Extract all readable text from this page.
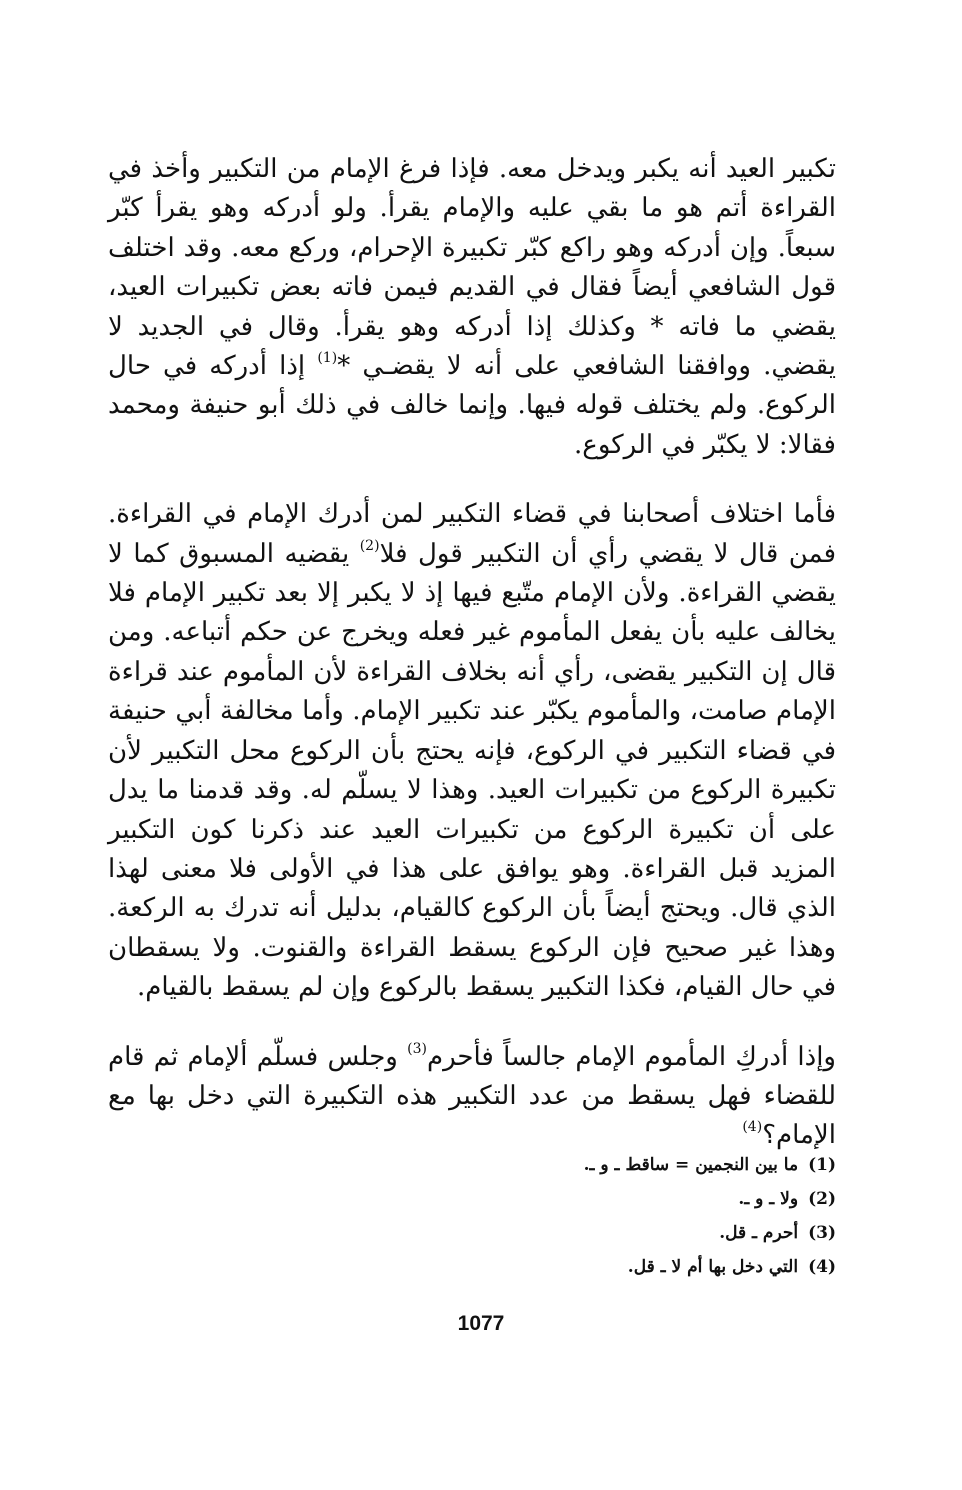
تكبير العيد أنه يكبر ويدخل معه. فإذا فرغ الإمام من التكبير وأخذ في القراءة أتم هو ما بقي عليه والإمام يقرأ. ولو أدركه وهو يقرأ كبّر سبعاً. وإن أدركه وهو راكع كبّر تكبيرة الإحرام، وركع معه. وقد اختلف قول الشافعي أيضاً فقال في القديم فيمن فاته بعض تكبيرات العيد، يقضي ما فاته * وكذلك إذا أدركه وهو يقرأ. وقال في الجديد لا يقضي. ووافقنا الشافعي على أنه لا يقضـي *$^{(1)}$ إذا أدركه في حال الركوع. ولم يختلف قوله فيها. وإنما خالف في ذلك أبو حنيفة ومحمد فقالا: لا يكبّر في الركوع.

فأما اختلاف أصحابنا في قضاء التكبير لمن أدرك الإمام في القراءة. فمن قال لا يقضي رأي أن التكبير قول فلا$^{(2)}$ يقضيه المسبوق كما لا يقضي القراءة. ولأن الإمام متّبع فيها إذ لا يكبر إلا بعد تكبير الإمام فلا يخالف عليه بأن يفعل المأموم غير فعله ويخرج عن حكم أتباعه. ومن قال إن التكبير يقضى، رأي أنه بخلاف القراءة لأن المأموم عند قراءة الإمام صامت، والمأموم يكبّر عند تكبير الإمام. وأما مخالفة أبي حنيفة في قضاء التكبير في الركوع، فإنه يحتج بأن الركوع محل التكبير لأن تكبيرة الركوع من تكبيرات العيد. وهذا لا يسلّم له. وقد قدمنا ما يدل على أن تكبيرة الركوع من تكبيرات العيد عند ذكرنا كون التكبير المزيد قبل القراءة. وهو يوافق على هذا في الأولى فلا معنى لهذا الذي قال. ويحتج أيضاً بأن الركوع كالقيام، بدليل أنه تدرك به الركعة. وهذا غير صحيح فإن الركوع يسقط القراءة والقنوت. ولا يسقطان في حال القيام، فكذا التكبير يسقط بالركوع وإن لم يسقط بالقيام.

وإذا أدركِ المأموم الإمام جالساً فأحرم$^{(3)}$ وجلس فسلّم ألإمام ثم قام للقضاء فهل يسقط من عدد التكبير هذه التكبيرة التي دخل بها مع الإمام؟$^{(4)}$

(1)
ما بين النجمين = ساقط ـ و ـ.
(2)
ولا ـ و ـ.
(3)
أحرم ـ قل.
(4)
التي دخل بها أم لا ـ قل.
1077
